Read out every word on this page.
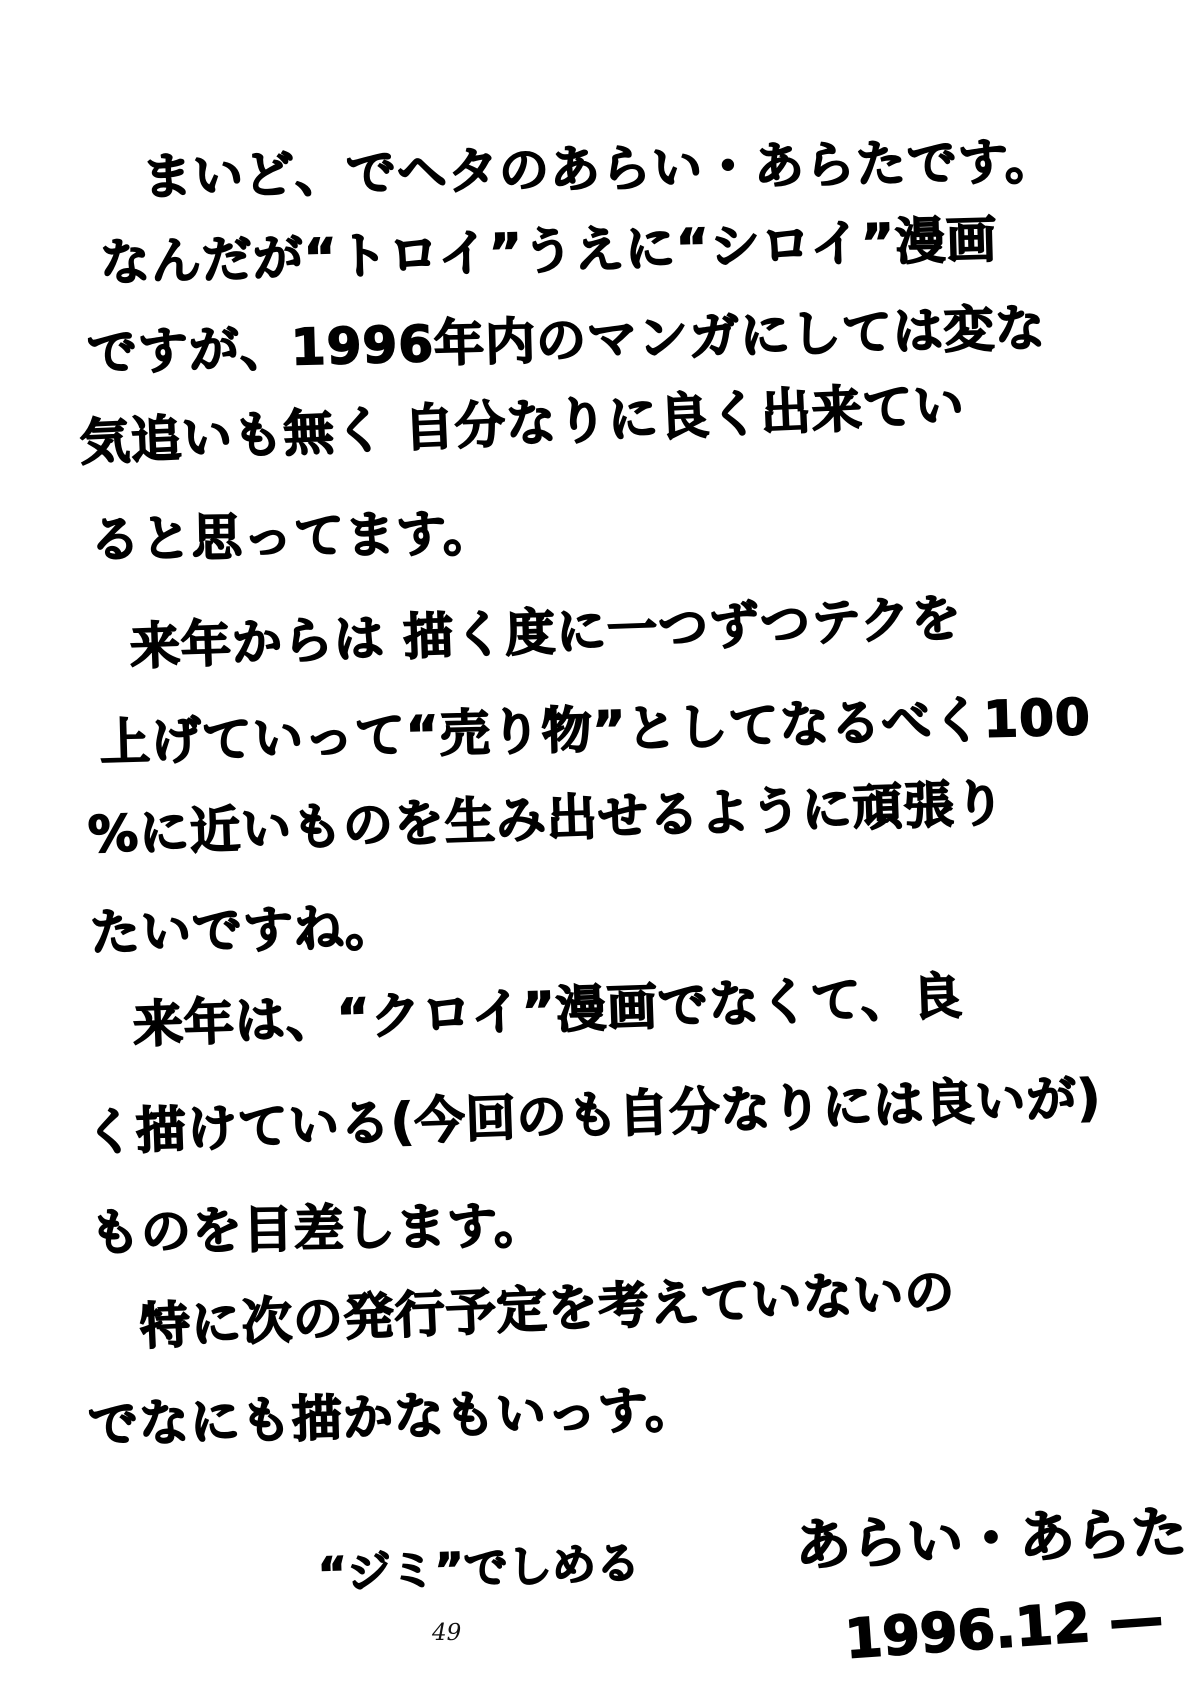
まいど、でヘタのあらい・あらたです。
なんだが“トロイ”うえに“シロイ”漫画
ですが、1996年内のマンガにしては変な
気追いも無く 自分なりに良く出来てい
ると思ってます。
来年からは 描く度に一つずつテクを
上げていって“売り物”としてなるべく100
%に近いものを生み出せるように頑張り
たいですね。
来年は、“クロイ”漫画でなくて、良
く描けている(今回のも自分なりには良いが)
ものを目差します。
特に次の発行予定を考えていないの
でなにも描かなもいっす。
“ジミ”でしめる	あらい・あらた
1996.12 —
49
